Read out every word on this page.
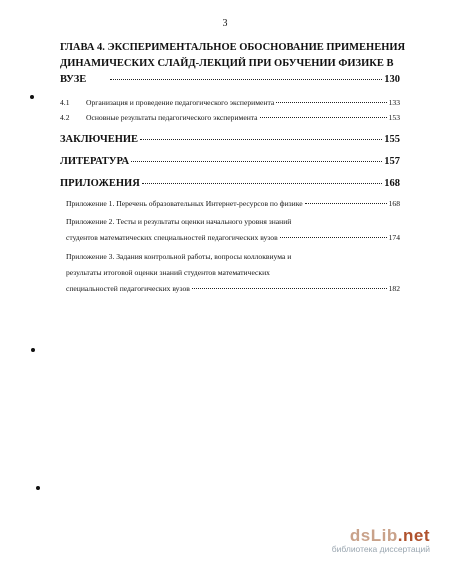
3
ГЛАВА 4. ЭКСПЕРИМЕНТАЛЬНОЕ ОБОСНОВАНИЕ ПРИМЕНЕНИЯ
ДИНАМИЧЕСКИХ СЛАЙД-ЛЕКЦИЙ ПРИ ОБУЧЕНИИ ФИЗИКЕ В
ВУЗЕ	130
4.1	Организация и проведение педагогического эксперимента	133
4.2	Основные результаты педагогического эксперимента	153
ЗАКЛЮЧЕНИЕ	155
ЛИТЕРАТУРА	157
ПРИЛОЖЕНИЯ	168
Приложение 1. Перечень образовательных Интернет-ресурсов по физике	168
Приложение 2. Тесты и результаты оценки начального уровня знаний
студентов математических специальностей педагогических вузов	174
Приложение 3. Задания контрольной работы, вопросы коллоквиума и
результаты итоговой оценки знаний студентов математических
специальностей педагогических вузов	182
dsLib.net
библиотека диссертаций
